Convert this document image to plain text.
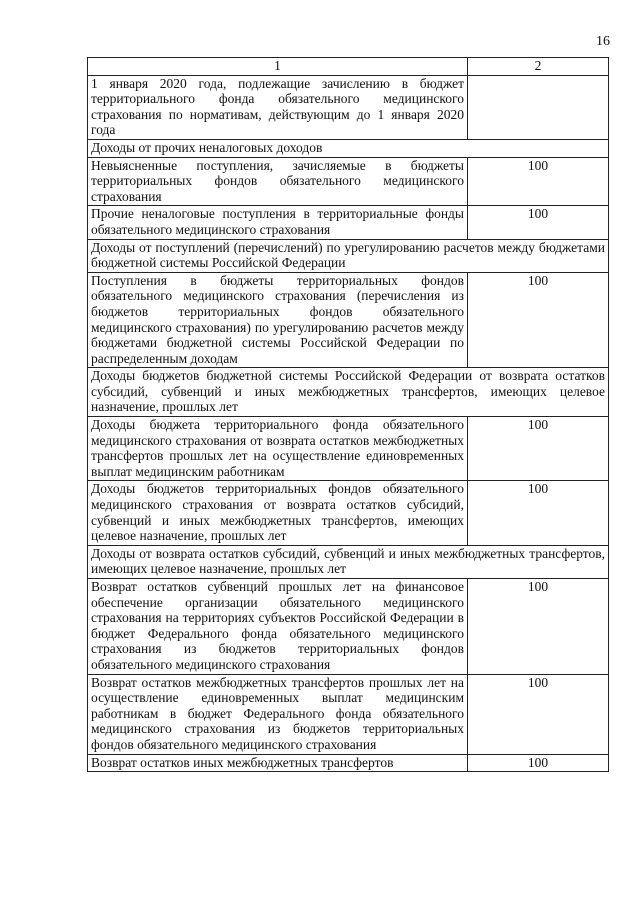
16
1	2
1 января 2020 года, подлежащие зачислению в бюджет территориального фонда обязательного медицинского страхования по нормативам, действующим до 1 января 2020 года	
Доходы от прочих неналоговых доходов	
Невыясненные поступления, зачисляемые в бюджеты территориальных фондов обязательного медицинского страхования	100
Прочие неналоговые поступления в территориальные фонды обязательного медицинского страхования	100
Доходы от поступлений (перечислений) по урегулированию расчетов между бюджетами бюджетной системы Российской Федерации	
Поступления в бюджеты территориальных фондов обязательного медицинского страхования (перечисления из бюджетов территориальных фондов обязательного медицинского страхования) по урегулированию расчетов между бюджетами бюджетной системы Российской Федерации по распределенным доходам	100
Доходы бюджетов бюджетной системы Российской Федерации от возврата остатков субсидий, субвенций и иных межбюджетных трансфертов, имеющих целевое назначение, прошлых лет	
Доходы бюджета территориального фонда обязательного медицинского страхования от возврата остатков межбюджетных трансфертов прошлых лет на осуществление единовременных выплат медицинским работникам	100
Доходы бюджетов территориальных фондов обязательного медицинского страхования от возврата остатков субсидий, субвенций и иных межбюджетных трансфертов, имеющих целевое назначение, прошлых лет	100
Доходы от возврата остатков субсидий, субвенций и иных межбюджетных трансфертов, имеющих целевое назначение, прошлых лет	
Возврат остатков субвенций прошлых лет на финансовое обеспечение организации обязательного медицинского страхования на территориях субъектов Российской Федерации в бюджет Федерального фонда обязательного медицинского страхования из бюджетов территориальных фондов обязательного медицинского страхования	100
Возврат остатков межбюджетных трансфертов прошлых лет на осуществление единовременных выплат медицинским работникам в бюджет Федерального фонда обязательного медицинского страхования из бюджетов территориальных фондов обязательного медицинского страхования	100
Возврат остатков иных межбюджетных трансфертов	100
